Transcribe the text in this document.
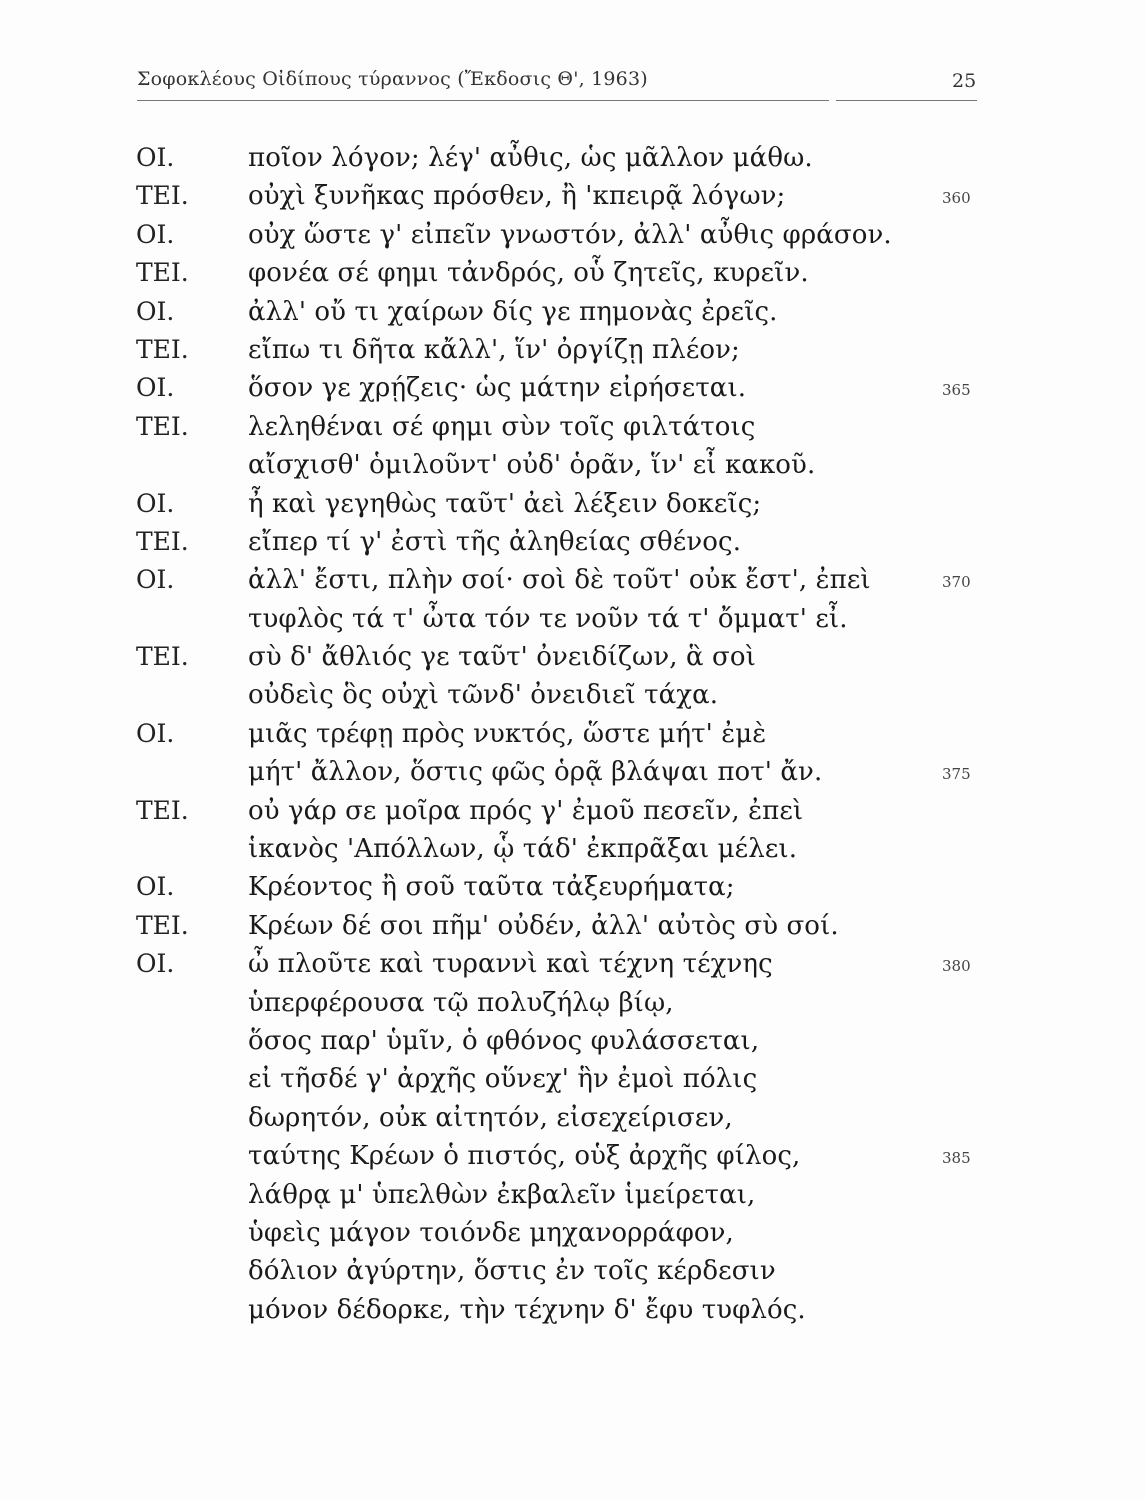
Σοφοκλέους Οἰδίπους τύραννος (Ἔκδοσις Θ', 1963)	25
ΟΙ.	ποῖον λόγον; λέγ' αὖθις, ὡς μᾶλλον μάθω.
ΤΕΙ. οὐχὶ ξυνῆκας πρόσθεν, ἢ 'κπειρᾷ λόγων;	360
ΟΙ.	οὐχ ὥστε γ' εἰπεῖν γνωστόν, ἀλλ' αὖθις φράσον.
ΤΕΙ. φονέα σέ φημι τἀνδρός, οὗ ζητεῖς, κυρεῖν.
ΟΙ.	ἀλλ' οὔ τι χαίρων δίς γε πημονὰς ἐρεῖς.
ΤΕΙ. εἴπω τι δῆτα κἄλλ', ἵν' ὀργίζῃ πλέον;
ΟΙ.	ὅσον γε χρῄζεις· ὡς μάτην εἰρήσεται.	365
ΤΕΙ. λεληθέναι σέ φημι σὺν τοῖς φιλτάτοις
αἴσχισθ' ὁμιλοῦντ' οὐδ' ὁρᾶν, ἵν' εἶ κακοῦ.
ΟΙ.	ἦ καὶ γεγηθὼς ταῦτ' ἀεὶ λέξειν δοκεῖς;
ΤΕΙ. εἴπερ τί γ' ἐστὶ τῆς ἀληθείας σθένος.
ΟΙ.	ἀλλ' ἔστι, πλὴν σοί· σοὶ δὲ τοῦτ' οὐκ ἔστ', ἐπεὶ	370
τυφλὸς τά τ' ὦτα τόν τε νοῦν τά τ' ὄμματ' εἶ.
ΤΕΙ. σὺ δ' ἄθλιός γε ταῦτ' ὀνειδίζων, ἃ σοὶ
οὐδεὶς ὃς οὐχὶ τῶνδ' ὀνειδιεῖ τάχα.
ΟΙ.	μιᾶς τρέφῃ πρὸς νυκτός, ὥστε μήτ' ἐμὲ
μήτ' ἄλλον, ὅστις φῶς ὁρᾷ βλάψαι ποτ' ἄν.	375
ΤΕΙ. οὐ γάρ σε μοῖρα πρός γ' ἐμοῦ πεσεῖν, ἐπεὶ
ἱκανὸς 'Απόλλων, ᾧ τάδ' ἐκπρᾶξαι μέλει.
ΟΙ.	Κρέοντος ἢ σοῦ ταῦτα τἀξευρήματα;
ΤΕΙ. Κρέων δέ σοι πῆμ' οὐδέν, ἀλλ' αὐτὸς σὺ σοί.
ΟΙ.	ὦ πλοῦτε καὶ τυραννὶ καὶ τέχνη τέχνης	380
ὑπερφέρουσα τῷ πολυζήλῳ βίῳ,
ὅσος παρ' ὑμῖν, ὁ φθόνος φυλάσσεται,
εἰ τῆσδέ γ' ἀρχῆς οὕνεχ' ἣν ἐμοὶ πόλις
δωρητόν, οὐκ αἰτητόν, εἰσεχείρισεν,
ταύτης Κρέων ὁ πιστός, οὑξ ἀρχῆς φίλος,	385
λάθρᾳ μ' ὑπελθὼν ἐκβαλεῖν ἱμείρεται,
ὑφεὶς μάγον τοιόνδε μηχανορράφον,
δόλιον ἀγύρτην, ὅστις ἐν τοῖς κέρδεσιν
μόνον δέδορκε, τὴν τέχνην δ' ἔφυ τυφλός.
